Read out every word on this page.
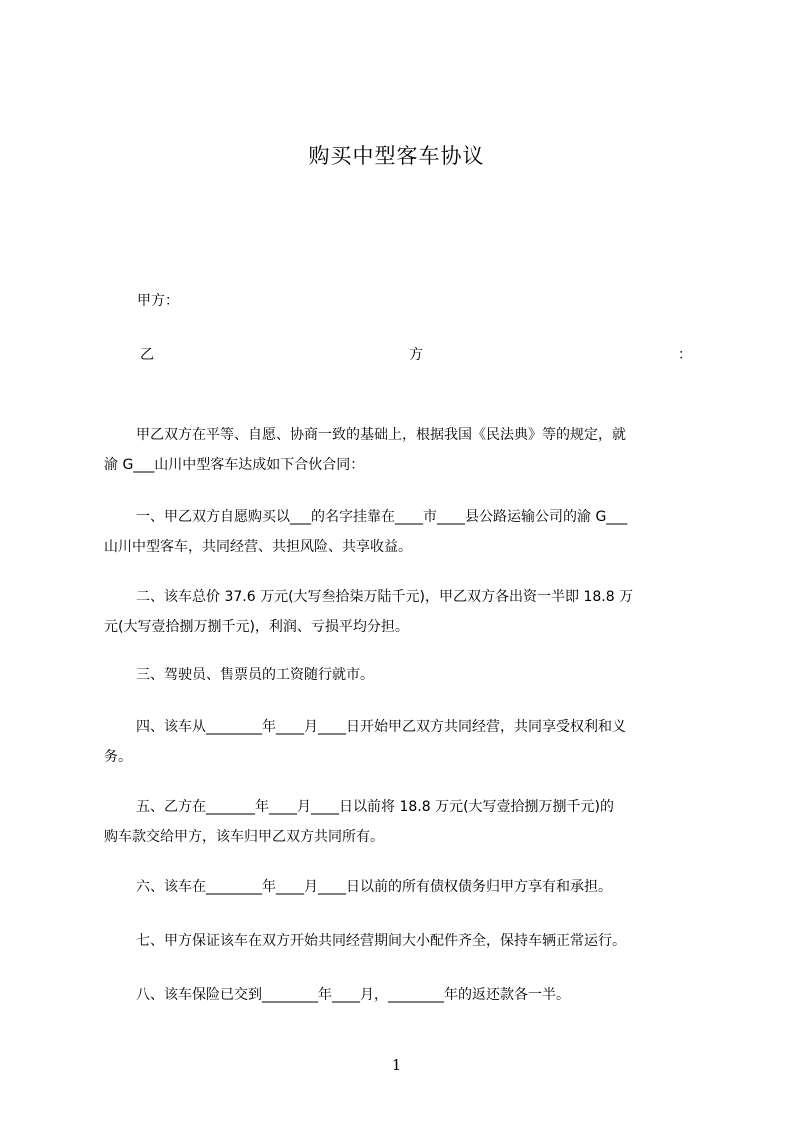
购买中型客车协议
甲方：
乙	方	：
甲乙双方在平等、自愿、协商一致的基础上，根据我国《民法典》等的规定，就
渝 G___山川中型客车达成如下合伙合同：
一、甲乙双方自愿购买以___的名字挂靠在____市____县公路运输公司的渝 G___
山川中型客车，共同经营、共担风险、共享收益。
二、该车总价 37.6 万元(大写叁拾柒万陆千元)，甲乙双方各出资一半即 18.8 万
元(大写壹拾捌万捌千元)，利润、亏损平均分担。
三、驾驶员、售票员的工资随行就市。
四、该车从________年____月____日开始甲乙双方共同经营，共同享受权利和义
务。
五、乙方在_______年____月____日以前将 18.8 万元(大写壹拾捌万捌千元)的
购车款交给甲方，该车归甲乙双方共同所有。
六、该车在________年____月____日以前的所有债权债务归甲方享有和承担。
七、甲方保证该车在双方开始共同经营期间大小配件齐全，保持车辆正常运行。
八、该车保险已交到________年____月，________年的返还款各一半。
1
